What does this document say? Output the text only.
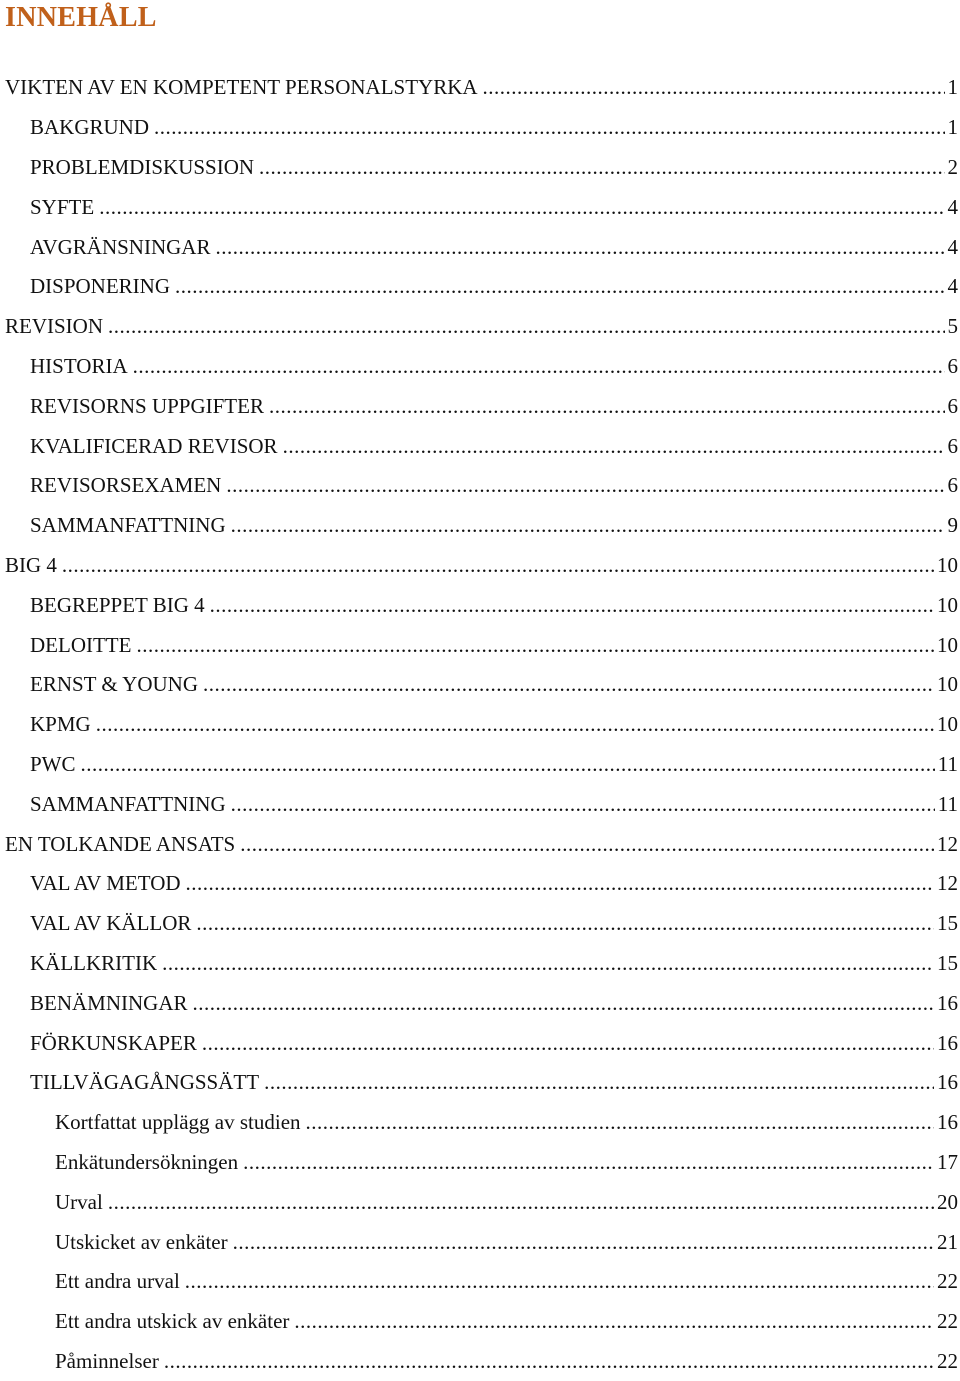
INNEHÅLL
VIKTEN AV EN KOMPETENT PERSONALSTYRKA .....	1
BAKGRUND .....	1
PROBLEMDISKUSSION .....	2
SYFTE .....	4
AVGRÄNSNINGAR .....	4
DISPONERING .....	4
REVISION .....	5
HISTORIA .....	6
REVISORNS UPPGIFTER .....	6
KVALIFICERAD REVISOR .....	6
REVISORSEXAMEN .....	6
SAMMANFATTNING .....	9
BIG 4 .....	10
BEGREPPET BIG 4 .....	10
DELOITTE .....	10
ERNST & YOUNG .....	10
KPMG .....	10
PWC .....	11
SAMMANFATTNING .....	11
EN TOLKANDE ANSATS .....	12
VAL AV METOD .....	12
VAL AV KÄLLOR .....	15
KÄLLKRITIK .....	15
BENÄMNINGAR .....	16
FÖRKUNSKAPER .....	16
TILLVÄGAGÅNGSSÄTT .....	16
Kortfattat upplägg av studien .....	16
Enkätundersökningen .....	17
Urval .....	20
Utskicket av enkäter .....	21
Ett andra urval .....	22
Ett andra utskick av enkäter .....	22
Påminnelser .....	22
